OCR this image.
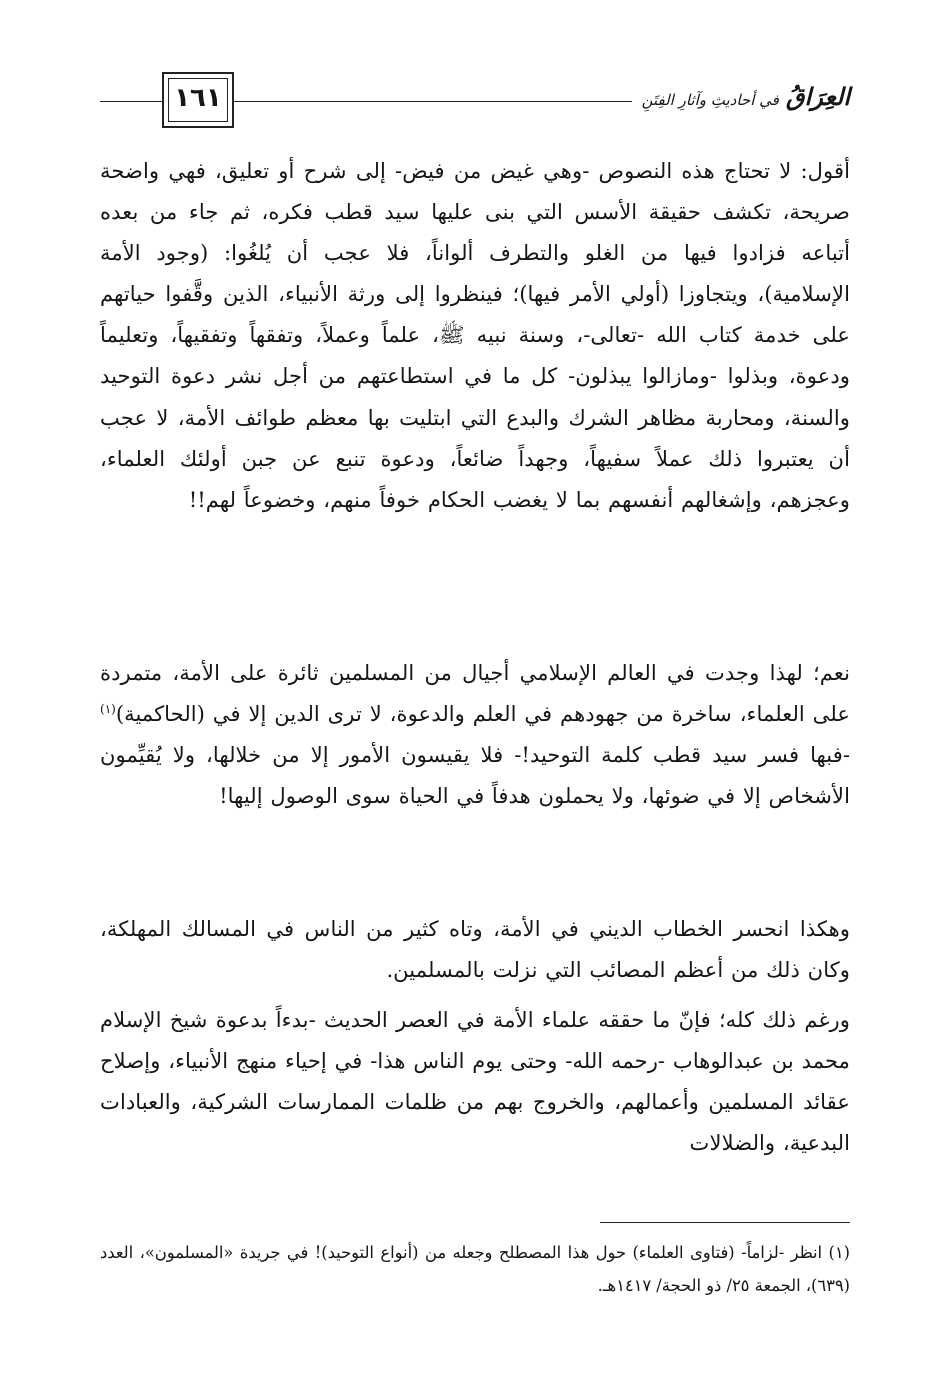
١٦١	العِرَاقُ في أحاديثِ وآثارِ الفِتَنِ

أقول: لا تحتاج هذه النصوص -وهي غيض من فيض- إلى شرح أو تعليق، فهي واضحة صريحة، تكشف حقيقة الأسس التي بنى عليها سيد قطب فكره، ثم جاء من بعده أتباعه فزادوا فيها من الغلو والتطرف ألواناً، فلا عجب أن يُلغُوا: (وجود الأمة الإسلامية)، ويتجاوزا (أولي الأمر فيها)؛ فينظروا إلى ورثة الأنبياء، الذين وقَّفوا حياتهم على خدمة كتاب الله -تعالى-، وسنة نبيه ﷺ، علماً وعملاً، وتفقهاً وتفقيهاً، وتعليماً ودعوة، وبذلوا -ومازالوا يبذلون- كل ما في استطاعتهم من أجل نشر دعوة التوحيد والسنة، ومحاربة مظاهر الشرك والبدع التي ابتليت بها معظم طوائف الأمة، لا عجب أن يعتبروا ذلك عملاً سفيهاً، وجهداً ضائعاً، ودعوة تنبع عن جبن أولئك العلماء، وعجزهم، وإشغالهم أنفسهم بما لا يغضب الحكام خوفاً منهم، وخضوعاً لهم!!

نعم؛ لهذا وجدت في العالم الإسلامي أجيال من المسلمين ثائرة على الأمة، متمردة على العلماء، ساخرة من جهودهم في العلم والدعوة، لا ترى الدين إلا في (الحاكمية)$^{(١)}$ -فبها فسر سيد قطب كلمة التوحيد!- فلا يقيسون الأمور إلا من خلالها، ولا يُقيِّمون الأشخاص إلا في ضوئها، ولا يحملون هدفاً في الحياة سوى الوصول إليها!

وهكذا انحسر الخطاب الديني في الأمة، وتاه كثير من الناس في المسالك المهلكة، وكان ذلك من أعظم المصائب التي نزلت بالمسلمين.

ورغم ذلك كله؛ فإنّ ما حققه علماء الأمة في العصر الحديث -بدءاً بدعوة شيخ الإسلام محمد بن عبدالوهاب -رحمه الله- وحتى يوم الناس هذا- في إحياء منهج الأنبياء، وإصلاح عقائد المسلمين وأعمالهم، والخروج بهم من ظلمات الممارسات الشركية، والعبادات البدعية، والضلالات

(١) انظر -لزاماً- (فتاوى العلماء) حول هذا المصطلح وجعله من (أنواع التوحيد)! في جريدة «المسلمون»، العدد (٦٣٩)، الجمعة ٢٥/ ذو الحجة/ ١٤١٧هـ.
